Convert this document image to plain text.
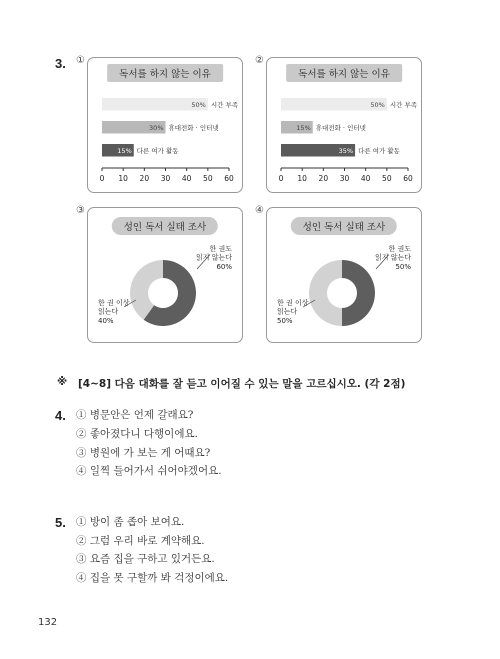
3. ①	②
③	④
독서를 하지 않는 이유
0 10 20 30 40 50 60
50% 시간 부족
30% 휴대전화 · 인터넷
15% 다른 여가 활동
독서를 하지 않는 이유
0 10 20 30 40 50 60
50% 시간 부족
15% 휴대전화 · 인터넷
35% 다른 여가 활동
성인 독서 실태 조사
한 권도
읽지 않는다
60%
한 권 이상
읽는다
40%
성인 독서 실태 조사
한 권도
읽지 않는다
50%
한 권 이상
읽는다
50%
※ [4~8] 다음 대화를 잘 듣고 이어질 수 있는 말을 고르십시오. (각 2점)
4. ① 병문안은 언제 갈래요?
② 좋아졌다니 다행이에요.
③ 병원에 가 보는 게 어때요?
④ 일찍 들어가서 쉬어야겠어요.
5. ① 방이 좀 좁아 보여요.
② 그럼 우리 바로 계약해요.
③ 요즘 집을 구하고 있거든요.
④ 집을 못 구할까 봐 걱정이에요.
132
